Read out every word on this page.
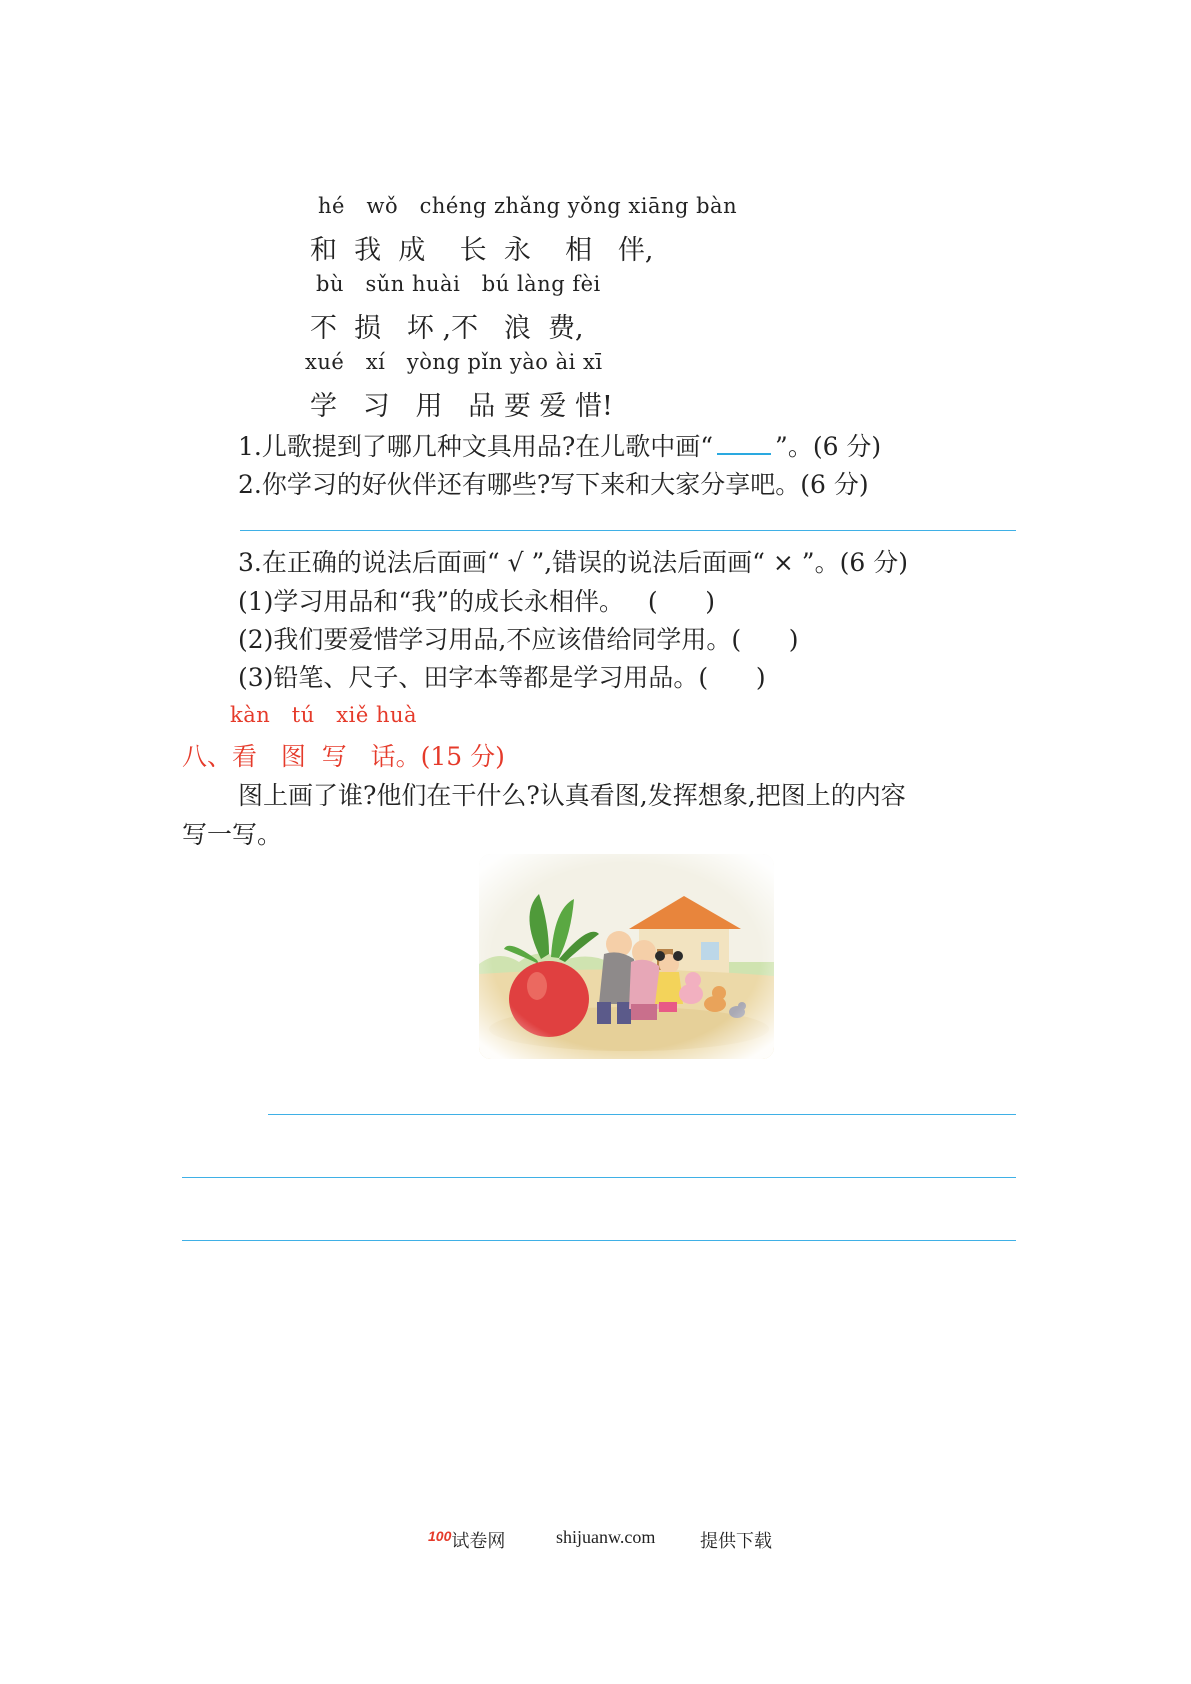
hé   wǒ   chéng zhǎng yǒng xiāng bàn
和  我  成    长  永    相   伴,
bù   sǔn huài   bú làng fèi
不  损   坏 ,不   浪  费,
xué   xí   yòng pǐn yào ài xī
学   习   用   品 要 爱 惜!
1.儿歌提到了哪几种文具用品?在儿歌中画“ ”。(6 分)
2.你学习的好伙伴还有哪些?写下来和大家分享吧。(6 分)
3.在正确的说法后面画“ √ ”,错误的说法后面画“ × ”。(6 分)
(1)学习用品和“我”的成长永相伴。   (      )
(2)我们要爱惜学习用品,不应该借给同学用。(      )
(3)铅笔、尺子、田字本等都是学习用品。(      )
kàn   tú   xiě huà
八、看   图  写   话。(15 分)
图上画了谁?他们在干什么?认真看图,发挥想象,把图上的内容
写一写。
$^{100}$试卷网	shijuanw.com 提供下载
